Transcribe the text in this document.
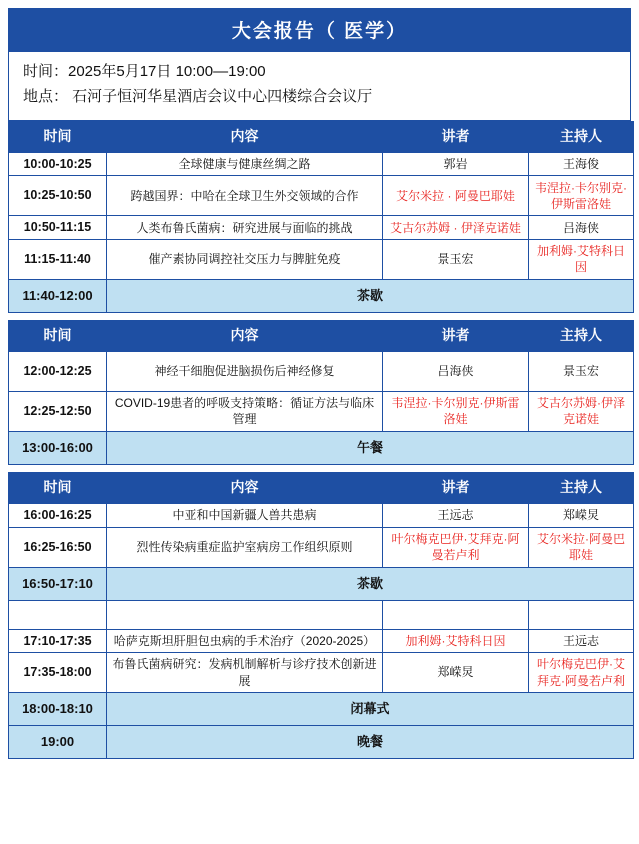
大会报告（ 医学）
时间：2025年5月17日 10:00—19:00
地点： 石河子恒河华星酒店会议中心四楼综合会议厅
时间	内容	讲者	主持人
10:00-10:25	全球健康与健康丝绸之路	郭岩	王海俊
10:25-10:50	跨越国界：中哈在全球卫生外交领域的合作	艾尔米拉 · 阿曼巴耶娃	韦涅拉·卡尔别克·伊斯雷洛娃
10:50-11:15	人类布鲁氏菌病：研究进展与面临的挑战	艾古尔苏姆 · 伊泽克诺娃	吕海侠
11:15-11:40	催产素协同调控社交压力与脾脏免疫	景玉宏	加利姆·艾特科日因
11:40-12:00	茶歇		
时间	内容	讲者	主持人
12:00-12:25	神经干细胞促进脑损伤后神经修复	吕海侠	景玉宏
12:25-12:50	COVID-19患者的呼吸支持策略：循证方法与临床管理	韦涅拉·卡尔别克·伊斯雷洛娃	艾古尔苏姆·伊泽克诺娃
13:00-16:00	午餐		
时间	内容	讲者	主持人
16:00-16:25	中亚和中国新疆人兽共患病	王远志	郑嵘炅
16:25-16:50	烈性传染病重症监护室病房工作组织原则	叶尔梅克巴伊·艾拜克·阿曼若卢利	艾尔米拉·阿曼巴耶娃
16:50-17:10	茶歇		

17:10-17:35	哈萨克斯坦肝胆包虫病的手术治疗（2020-2025）	加利姆·艾特科日因	王远志
17:35-18:00	布鲁氏菌病研究：发病机制解析与诊疗技术创新进展	郑嵘炅	叶尔梅克巴伊·艾拜克·阿曼若卢利
18:00-18:10	闭幕式		
19:00	晚餐		
